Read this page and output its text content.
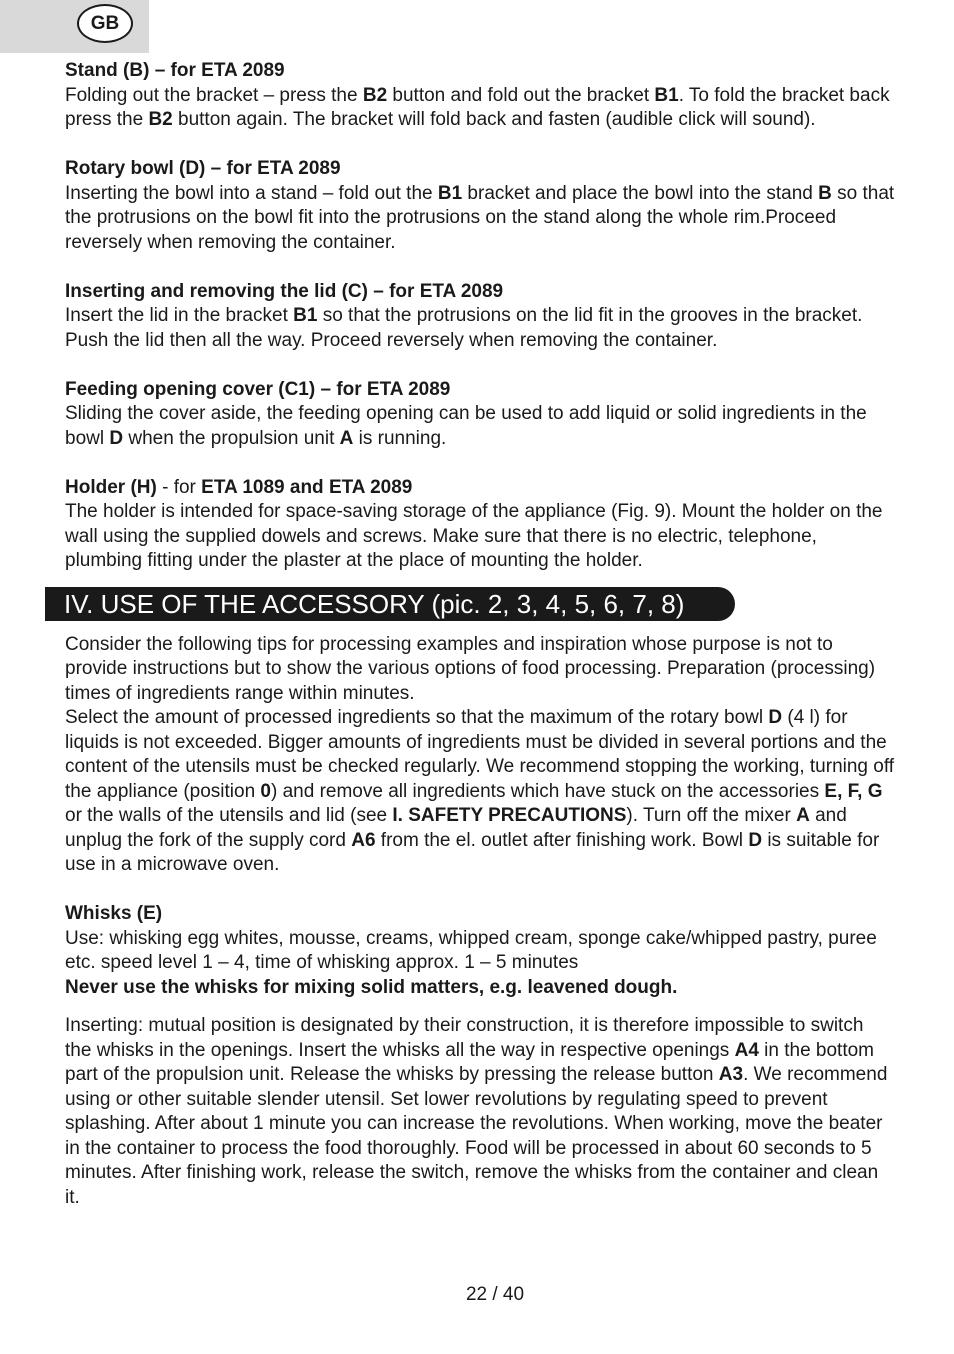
GB

Stand (B) – for ETA 2089

Folding out the bracket – press the B2 button and fold out the bracket B1. To fold the bracket back press the B2 button again. The bracket will fold back and fasten (audible click will sound).

Rotary bowl (D) – for ETA 2089

Inserting the bowl into a stand – fold out the B1 bracket and place the bowl into the stand B so that the protrusions on the bowl fit into the protrusions on the stand along the whole rim.Proceed reversely when removing the container.

Inserting and removing the lid (C) – for ETA 2089

Insert the lid in the bracket B1 so that the protrusions on the lid fit in the grooves in the bracket. Push the lid then all the way. Proceed reversely when removing the container.

Feeding opening cover (C1) – for ETA 2089

Sliding the cover aside, the feeding opening can be used to add liquid or solid ingredients in the bowl D when the propulsion unit A is running.

Holder (H) - for ETA 1089 and ETA 2089

The holder is intended for space-saving storage of the appliance (Fig. 9). Mount the holder on the wall using the supplied dowels and screws. Make sure that there is no electric, telephone, plumbing fitting under the plaster at the place of mounting the holder.

IV. USE OF THE ACCESSORY (pic. 2, 3, 4, 5, 6, 7, 8)

Consider the following tips for processing examples and inspiration whose purpose is not to provide instructions but to show the various options of food processing. Preparation (processing) times of ingredients range within minutes.

Select the amount of processed ingredients so that the maximum of the rotary bowl D (4 l) for liquids is not exceeded. Bigger amounts of ingredients must be divided in several portions and the content of the utensils must be checked regularly. We recommend stopping the working, turning off the appliance (position 0) and remove all ingredients which have stuck on the accessories E, F, G or the walls of the utensils and lid (see I. SAFETY PRECAUTIONS). Turn off the mixer A and unplug the fork of the supply cord A6 from the el. outlet after finishing work. Bowl D is suitable for use in a microwave oven.

Whisks (E)

Use: whisking egg whites, mousse, creams, whipped cream, sponge cake/whipped pastry, puree etc. speed level 1 – 4, time of whisking approx. 1 – 5 minutes

Never use the whisks for mixing solid matters, e.g. leavened dough.

Inserting: mutual position is designated by their construction, it is therefore impossible to switch the whisks in the openings. Insert the whisks all the way in respective openings A4 in the bottom part of the propulsion unit. Release the whisks by pressing the release button A3. We recommend using or other suitable slender utensil. Set lower revolutions by regulating speed to prevent splashing. After about 1 minute you can increase the revolutions. When working, move the beater in the container to process the food thoroughly. Food will be processed in about 60 seconds to 5 minutes. After finishing work, release the switch, remove the whisks from the container and clean it.

22 / 40
